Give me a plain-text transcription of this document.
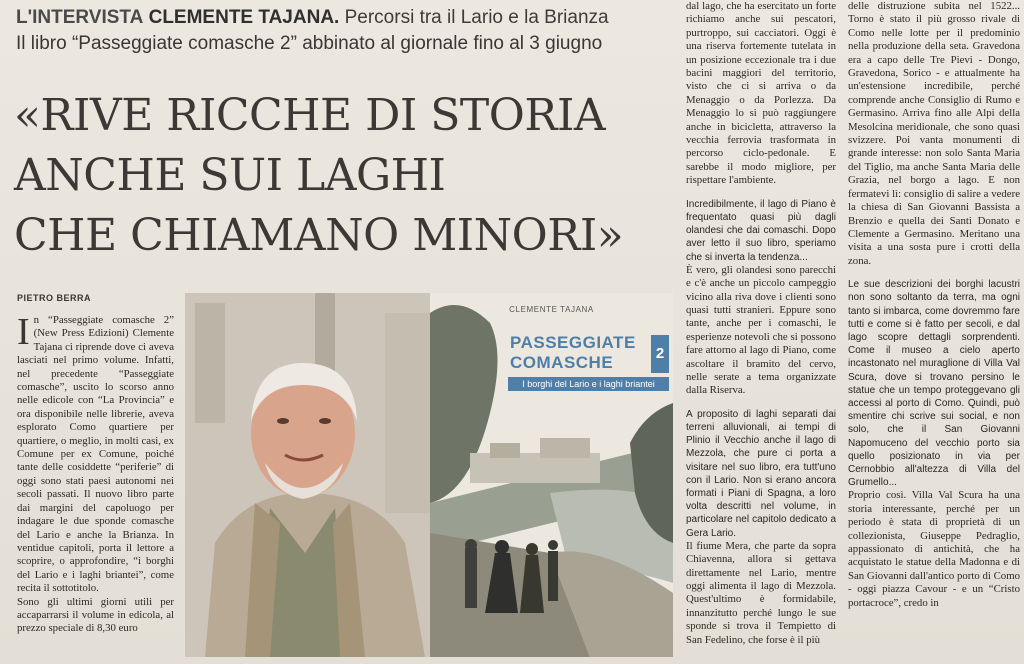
L'INTERVISTA CLEMENTE TAJANA. Percorsi tra il Lario e la Brianza
Il libro “Passeggiate comasche 2” abbinato al giornale fino al 3 giugno
«RIVE RICCHE DI STORIA
ANCHE SUI LAGHI
CHE CHIAMANO MINORI»
PIETRO BERRA
I n “Passeggiate comasche 2” (New Press Edizioni) Clemente Tajana ci riprende dove ci aveva lasciati nel primo volume. Infatti, nel precedente “Passeggiate comasche”, uscito lo scorso anno nelle edicole con “La Provincia” e ora disponibile nelle librerie, aveva esplorato Como quartiere per quartiere, o meglio, in molti casi, ex Comune per ex Comune, poiché tante delle cosiddette “periferie” di oggi sono stati paesi autonomi nei secoli passati. Il nuovo libro parte dai margini del capoluogo per indagare le due sponde comasche del Lario e anche la Brianza. In ventidue capitoli, porta il lettore a scoprire, o approfondire, “i borghi del Lario e i laghi briantei”, come recita il sottotitolo.

Sono gli ultimi giorni utili per accaparrarsi il volume in edicola, al prezzo speciale di 8,30 euro

CLEMENTE TAJANA
PASSEGGIATE
COMASCHE	2
I borghi del Lario e i laghi briantei

dal lago, che ha esercitato un forte richiamo anche sui pescatori, purtroppo, sui cacciatori. Oggi è una riserva fortemente tutelata in un posizione eccezionale tra i due bacini maggiori del territorio, visto che ci si arriva o da Menaggio o da Porlezza. Da Menaggio lo si può raggiungere anche in bicicletta, attraverso la vecchia ferrovia trasformata in percorso ciclo-pedonale. E sarebbe il modo migliore, per rispettare l'ambiente.

Incredibilmente, il lago di Piano è frequentato quasi più dagli olandesi che dai comaschi. Dopo aver letto il suo libro, speriamo che si inverta la tendenza...

È vero, gli olandesi sono parecchi e c'è anche un piccolo campeggio vicino alla riva dove i clienti sono quasi tutti stranieri. Eppure sono tante, anche per i comaschi, le esperienze notevoli che si possono fare attorno al lago di Piano, come ascoltare il bramito del cervo, nelle serate a tema organizzate dalla Riserva.

A proposito di laghi separati dai terreni alluvionali, ai tempi di Plinio il Vecchio anche il lago di Mezzola, che pure ci porta a visitare nel suo libro, era tutt'uno con il Lario. Non si erano ancora formati i Piani di Spagna, a loro volta descritti nel volume, in particolare nel capitolo dedicato a Gera Lario.

Il fiume Mera, che parte da sopra Chiavenna, allora si gettava direttamente nel Lario, mentre oggi alimenta il lago di Mezzola. Quest'ultimo è formidabile, innanzitutto perché lungo le sue sponde si trova il Tempietto di San Fedelino, che forse è il più

delle distruzione subita nel 1522... Torno è stato il più grosso rivale di Como nelle lotte per il predominio nella produzione della seta. Gravedona era a capo delle Tre Pievi - Dongo, Gravedona, Sorico - e attualmente ha un'estensione incredibile, perché comprende anche Consiglio di Rumo e Germasino. Arriva fino alle Alpi della Mesolcina meridionale, che sono quasi svizzere. Poi vanta monumenti di grande interesse: non solo Santa Maria del Tiglio, ma anche Santa Maria delle Grazia, nel borgo a lago. E non fermatevi lì: consiglio di salire a vedere la chiesa di San Giovanni Bassista a Brenzio e quella dei Santi Donato e Clemente a Germasino. Meritano una visita a una sosta pure i crotti della zona.

Le sue descrizioni dei borghi lacustri non sono soltanto da terra, ma ogni tanto si imbarca, come dovremmo fare tutti e come si è fatto per secoli, e dal lago scopre dettagli sorprendenti. Come il museo a cielo aperto incastonato nel muraglione di Villa Val Scura, dove si trovano persino le statue che un tempo proteggevano gli accessi al porto di Como. Quindi, può smentire chi scrive sui social, e non solo, che il San Giovanni Napomuceno del vecchio porto sia quello posizionato in via per Cernobbio all'altezza di Villa del Grumello...

Proprio così. Villa Val Scura ha una storia interessante, perché per un periodo è stata di proprietà di un collezionista, Giuseppe Pedraglio, appassionato di antichità, che ha acquistato le statue della Madonna e di San Giovanni dall'antico porto di Como - oggi piazza Cavour - e un “Cristo portacroce”, credo in
